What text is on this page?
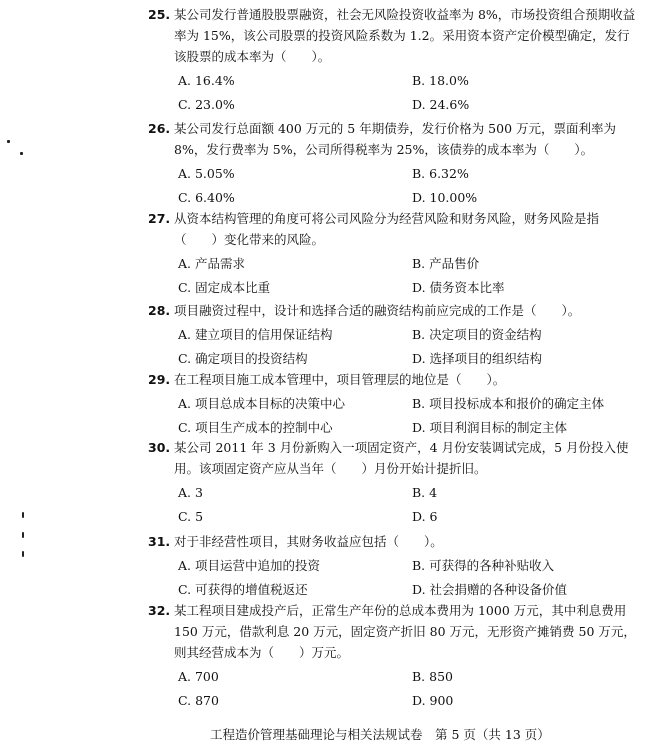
25. 某公司发行普通股股票融资，社会无风险投资收益率为 8%，市场投资组合预期收益率为 15%，该公司股票的投资风险系数为 1.2。采用资本资产定价模型确定，发行该股票的成本率为（　　）。
A. 16.4%	B. 18.0%
C. 23.0%	D. 24.6%
26. 某公司发行总面额 400 万元的 5 年期债券，发行价格为 500 万元，票面利率为 8%，发行费率为 5%，公司所得税率为 25%，该债券的成本率为（　　）。
A. 5.05%	B. 6.32%
C. 6.40%	D. 10.00%
27. 从资本结构管理的角度可将公司风险分为经营风险和财务风险，财务风险是指（　　）变化带来的风险。
A. 产品需求	B. 产品售价
C. 固定成本比重	D. 债务资本比率
28. 项目融资过程中，设计和选择合适的融资结构前应完成的工作是（　　）。
A. 建立项目的信用保证结构	B. 决定项目的资金结构
C. 确定项目的投资结构	D. 选择项目的组织结构
29. 在工程项目施工成本管理中，项目管理层的地位是（　　）。
A. 项目总成本目标的决策中心	B. 项目投标成本和报价的确定主体
C. 项目生产成本的控制中心	D. 项目利润目标的制定主体
30. 某公司 2011 年 3 月份新购入一项固定资产，4 月份安装调试完成，5 月份投入使用。该项固定资产应从当年（　　）月份开始计提折旧。
A. 3	B. 4
C. 5	D. 6
31. 对于非经营性项目，其财务收益应包括（　　）。
A. 项目运营中追加的投资	B. 可获得的各种补贴收入
C. 可获得的增值税返还	D. 社会捐赠的各种设备价值
32. 某工程项目建成投产后，正常生产年份的总成本费用为 1000 万元，其中利息费用 150 万元，借款利息 20 万元，固定资产折旧 80 万元，无形资产摊销费 50 万元，则其经营成本为（　　）万元。
A. 700	B. 850
C. 870	D. 900
工程造价管理基础理论与相关法规试卷　第 5 页（共 13 页）
